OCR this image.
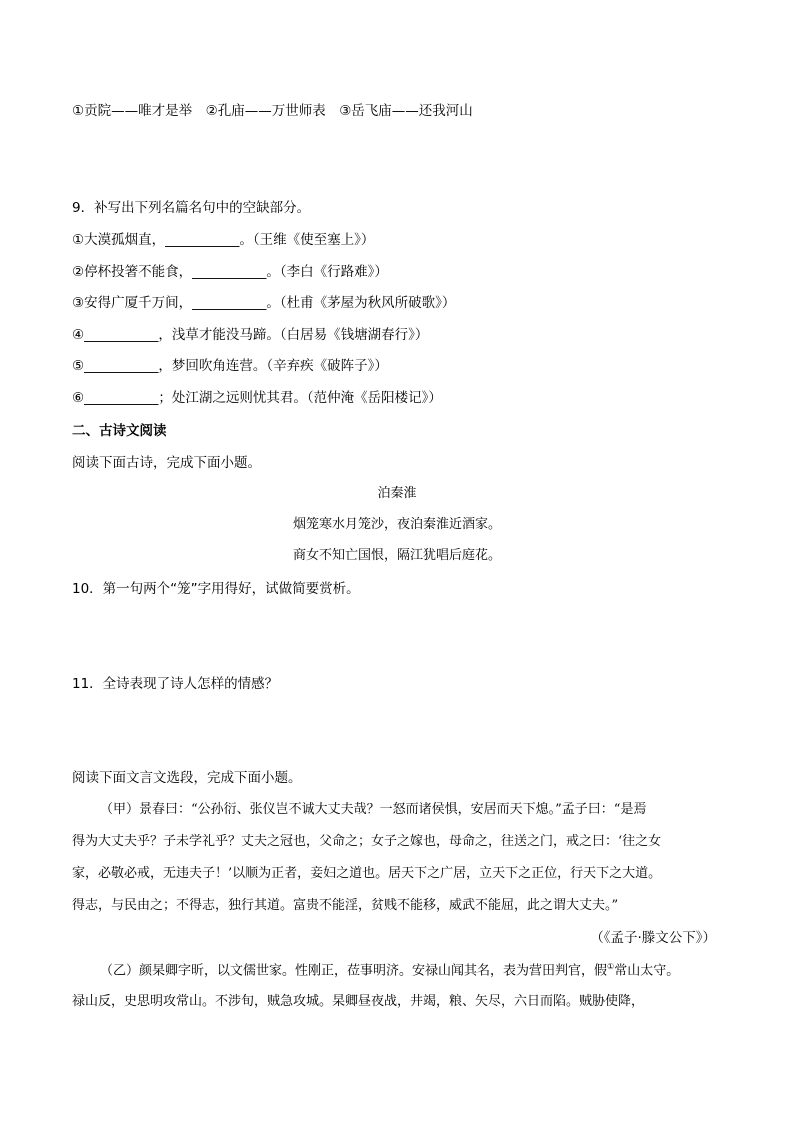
①贡院——唯才是举　②孔庙——万世师表　③岳飞庙——还我河山
9．补写出下列名篇名句中的空缺部分。
①大漠孤烟直，___________。（王维《使至塞上》）
②停杯投箸不能食，___________。（李白《行路难》）
③安得广厦千万间，___________。（杜甫《茅屋为秋风所破歌》）
④___________，浅草才能没马蹄。（白居易《钱塘湖春行》）
⑤___________，梦回吹角连营。（辛弃疾《破阵子》）
⑥___________；处江湖之远则忧其君。（范仲淹《岳阳楼记》）
二、古诗文阅读
阅读下面古诗，完成下面小题。
泊秦淮
烟笼寒水月笼沙，夜泊秦淮近酒家。
商女不知亡国恨，隔江犹唱后庭花。
10．第一句两个“笼”字用得好，试做简要赏析。
11．全诗表现了诗人怎样的情感？
阅读下面文言文选段，完成下面小题。
（甲）景春曰：“公孙衍、张仪岂不诚大丈夫哉？一怒而诸侯惧，安居而天下熄。”孟子曰：“是焉
得为大丈夫乎？子未学礼乎？丈夫之冠也，父命之；女子之嫁也，母命之，往送之门，戒之曰：‘往之女
家，必敬必戒，无违夫子！’以顺为正者，妾妇之道也。居天下之广居，立天下之正位，行天下之大道。
得志，与民由之；不得志，独行其道。富贵不能淫，贫贱不能移，威武不能屈，此之谓大丈夫。”
（《孟子·滕文公下》）
（乙）颜杲卿字昕，以文儒世家。性刚正，莅事明济。安禄山闻其名，表为营田判官，假①常山太守。
禄山反，史思明攻常山。不涉旬，贼急攻城。杲卿昼夜战，井竭，粮、矢尽，六日而陷。贼胁使降，
